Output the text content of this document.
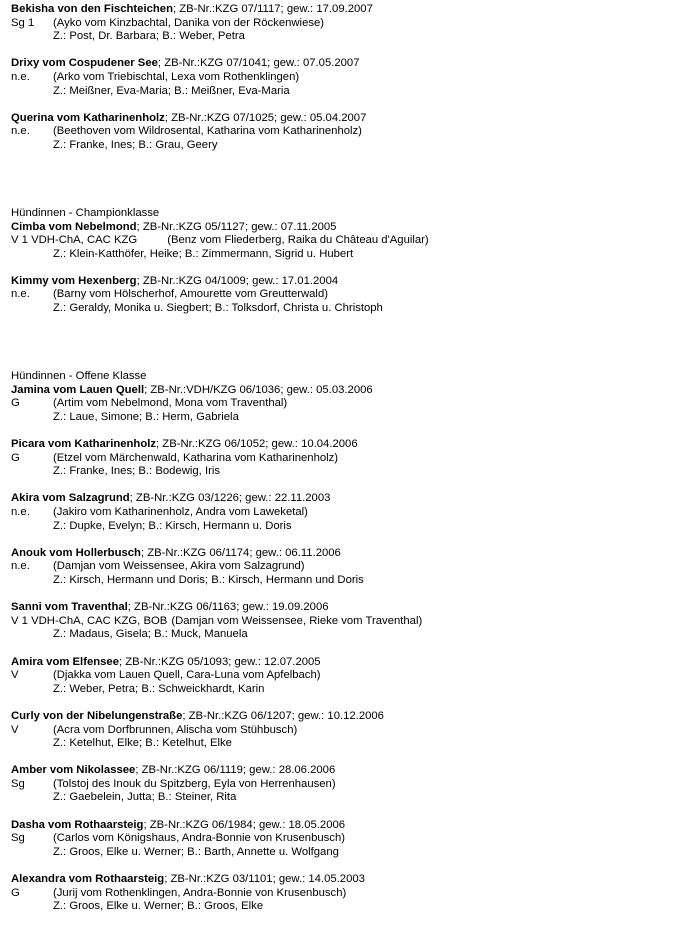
Bekisha von den Fischteichen; ZB-Nr.:KZG 07/1117; gew.: 17.09.2007
Sg 1 (Ayko vom Kinzbachtal, Danika von der Röckenwiese)
Z.: Post, Dr. Barbara; B.: Weber, Petra
Drixy vom Cospudener See; ZB-Nr.:KZG 07/1041; gew.: 07.05.2007
n.e. (Arko vom Triebischtal, Lexa vom Rothenklingen)
Z.: Meißner, Eva-Maria; B.: Meißner, Eva-Maria
Querina vom Katharinenholz; ZB-Nr.:KZG 07/1025; gew.: 05.04.2007
n.e. (Beethoven vom Wildrosental, Katharina vom Katharinenholz)
Z.: Franke, Ines; B.: Grau, Geery
Hündinnen - Championklasse
Cimba vom Nebelmond; ZB-Nr.:KZG 05/1127; gew.: 07.11.2005
V 1 VDH-ChA, CAC KZG	(Benz vom Fliederberg, Raika du Château d'Aguilar)
Z.: Klein-Katthöfer, Heike; B.: Zimmermann, Sigrid u. Hubert
Kimmy vom Hexenberg; ZB-Nr.:KZG 04/1009; gew.: 17.01.2004
n.e. (Barny vom Hölscherhof, Amourette vom Greutterwald)
Z.: Geraldy, Monika u. Siegbert; B.: Tolksdorf, Christa u. Christoph
Hündinnen - Offene Klasse
Jamina vom Lauen Quell; ZB-Nr.:VDH/KZG 06/1036; gew.: 05.03.2006
G	(Artim vom Nebelmond, Mona vom Traventhal)
Z.: Laue, Simone; B.: Herm, Gabriela
Picara vom Katharinenholz; ZB-Nr.:KZG 06/1052; gew.: 10.04.2006
G	(Etzel vom Märchenwald, Katharina vom Katharinenholz)
Z.: Franke, Ines; B.: Bodewig, Iris
Akira vom Salzagrund; ZB-Nr.:KZG 03/1226; gew.: 22.11.2003
n.e. (Jakiro vom Katharinenholz, Andra vom Laweketal)
Z.: Dupke, Evelyn; B.: Kirsch, Hermann u. Doris
Anouk vom Hollerbusch; ZB-Nr.:KZG 06/1174; gew.: 06.11.2006
n.e. (Damjan vom Weissensee, Akira vom Salzagrund)
Z.: Kirsch, Hermann und Doris; B.: Kirsch, Hermann und Doris
Sanni vom Traventhal; ZB-Nr.:KZG 06/1163; gew.: 19.09.2006
V 1 VDH-ChA, CAC KZG, BOB (Damjan vom Weissensee, Rieke vom Traventhal)
Z.: Madaus, Gisela; B.: Muck, Manuela
Amira vom Elfensee; ZB-Nr.:KZG 05/1093; gew.: 12.07.2005
V	(Djakka vom Lauen Quell, Cara-Luna vom Apfelbach)
Z.: Weber, Petra; B.: Schweickhardt, Karin
Curly von der Nibelungenstraße; ZB-Nr.:KZG 06/1207; gew.: 10.12.2006
V	(Acra vom Dorfbrunnen, Alischa vom Stühbusch)
Z.: Ketelhut, Elke; B.: Ketelhut, Elke
Amber vom Nikolassee; ZB-Nr.:KZG 06/1119; gew.: 28.06.2006
Sg (Tolstoj des Inouk du Spitzberg, Eyla von Herrenhausen)
Z.: Gaebelein, Jutta; B.: Steiner, Rita
Dasha vom Rothaarsteig; ZB-Nr.:KZG 06/1984; gew.: 18.05.2006
Sg (Carlos vom Königshaus, Andra-Bonnie von Krusenbusch)
Z.: Groos, Elke u. Werner; B.: Barth, Annette u. Wolfgang
Alexandra vom Rothaarsteig; ZB-Nr.:KZG 03/1101; gew.: 14.05.2003
G	(Jurij vom Rothenklingen, Andra-Bonnie von Krusenbusch)
Z.: Groos, Elke u. Werner; B.: Groos, Elke
